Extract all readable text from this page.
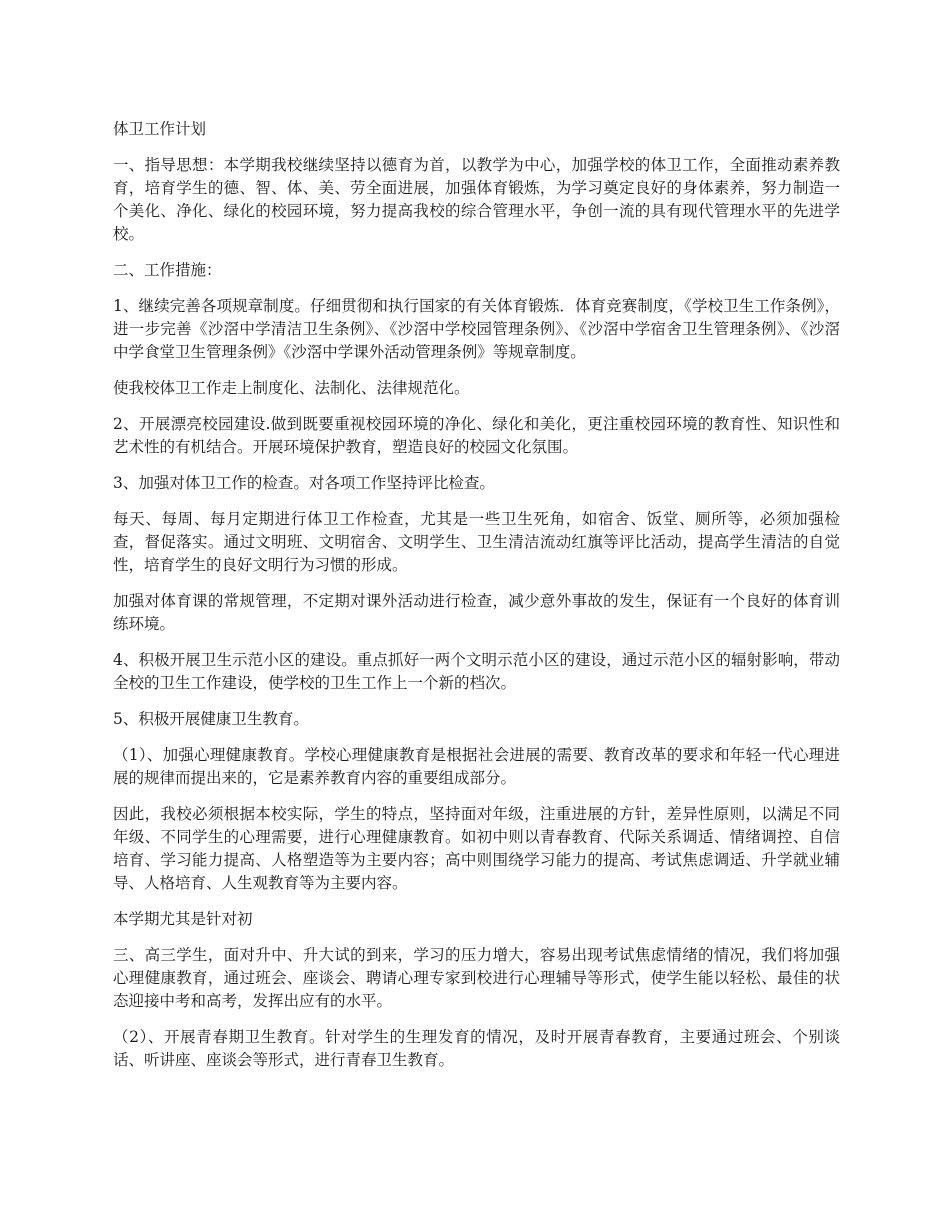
体卫工作计划

一、指导思想：本学期我校继续坚持以德育为首，以教学为中心，加强学校的体卫工作，全面推动素养教育，培育学生的德、智、体、美、劳全面进展，加强体育锻炼，为学习奠定良好的身体素养，努力制造一个美化、净化、绿化的校园环境，努力提高我校的综合管理水平，争创一流的具有现代管理水平的先进学校。

二、工作措施：

1、继续完善各项规章制度。仔细贯彻和执行国家的有关体育锻炼．体育竞赛制度，《学校卫生工作条例》，进一步完善《沙滘中学清洁卫生条例》、《沙滘中学校园管理条例》、《沙滘中学宿舍卫生管理条例》、《沙滘中学食堂卫生管理条例》《沙滘中学课外活动管理条例》等规章制度。

使我校体卫工作走上制度化、法制化、法律规范化。

2、开展漂亮校园建设.做到既要重视校园环境的净化、绿化和美化，更注重校园环境的教育性、知识性和艺术性的有机结合。开展环境保护教育，塑造良好的校园文化氛围。

3、加强对体卫工作的检查。对各项工作坚持评比检查。

每天、每周、每月定期进行体卫工作检查，尤其是一些卫生死角，如宿舍、饭堂、厕所等，必须加强检查，督促落实。通过文明班、文明宿舍、文明学生、卫生清洁流动红旗等评比活动，提高学生清洁的自觉性，培育学生的良好文明行为习惯的形成。

加强对体育课的常规管理，不定期对课外活动进行检查，减少意外事故的发生，保证有一个良好的体育训练环境。

4、积极开展卫生示范小区的建设。重点抓好一两个文明示范小区的建设，通过示范小区的辐射影响，带动全校的卫生工作建设，使学校的卫生工作上一个新的档次。

5、积极开展健康卫生教育。

（1）、加强心理健康教育。学校心理健康教育是根据社会进展的需要、教育改革的要求和年轻一代心理进展的规律而提出来的，它是素养教育内容的重要组成部分。

因此，我校必须根据本校实际，学生的特点，坚持面对年级，注重进展的方针，差异性原则，以满足不同年级、不同学生的心理需要，进行心理健康教育。如初中则以青春教育、代际关系调适、情绪调控、自信培育、学习能力提高、人格塑造等为主要内容；高中则围绕学习能力的提高、考试焦虑调适、升学就业辅导、人格培育、人生观教育等为主要内容。

本学期尤其是针对初

三、高三学生，面对升中、升大试的到来，学习的压力增大，容易出现考试焦虑情绪的情况，我们将加强心理健康教育，通过班会、座谈会、聘请心理专家到校进行心理辅导等形式，使学生能以轻松、最佳的状态迎接中考和高考，发挥出应有的水平。

（2）、开展青春期卫生教育。针对学生的生理发育的情况，及时开展青春教育，主要通过班会、个别谈话、听讲座、座谈会等形式，进行青春卫生教育。
